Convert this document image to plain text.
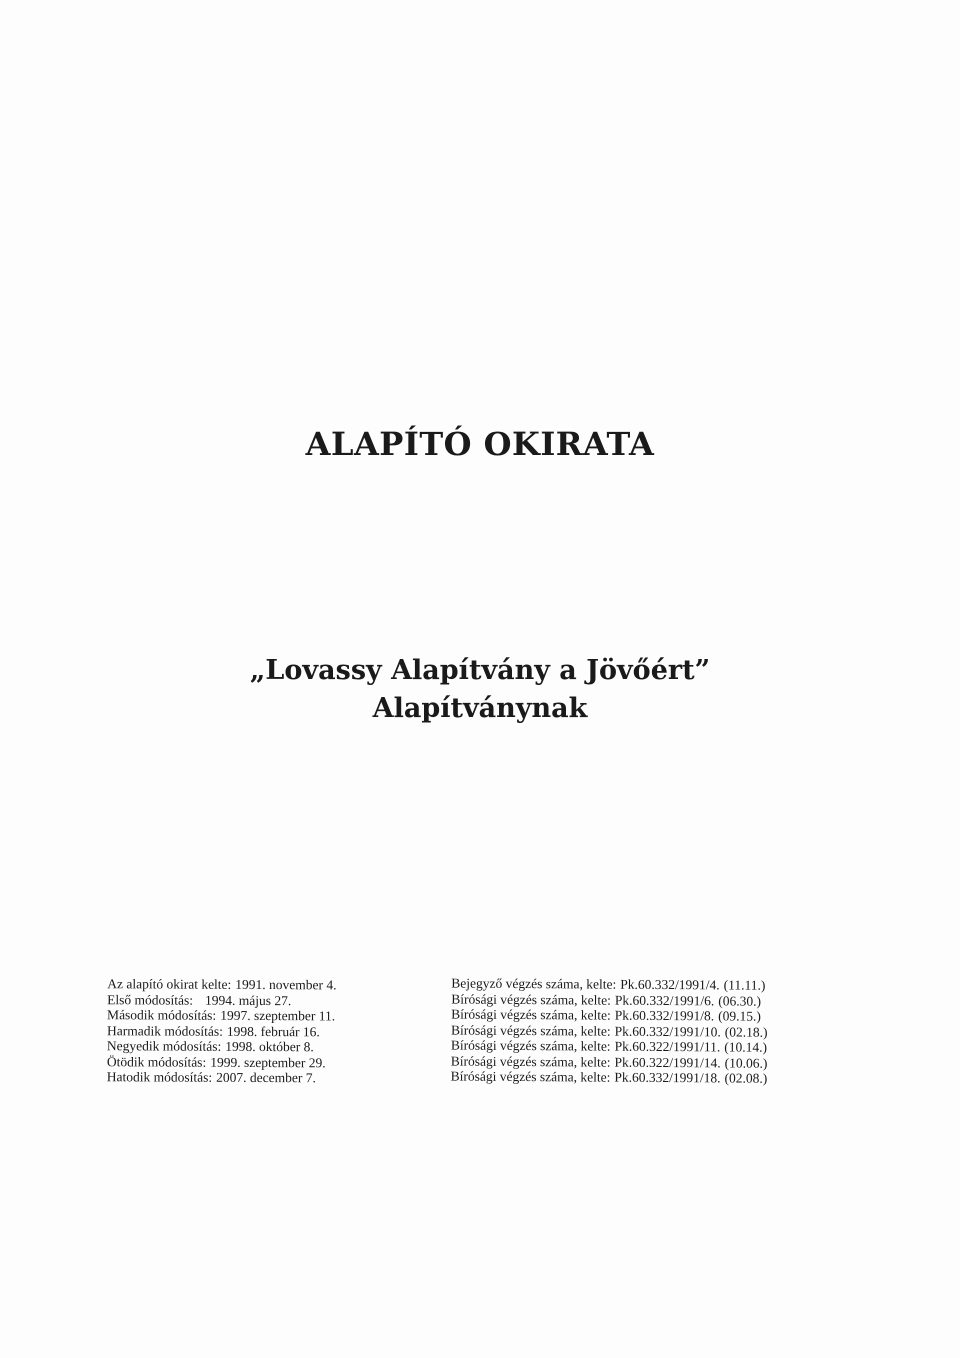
ALAPÍTÓ OKIRATA
„Lovassy Alapítvány a Jövőért”
Alapítványnak
Az alapító okirat kelte: 1991. november 4.
Első módosítás: 1994. május 27.
Második módosítás: 1997. szeptember 11.
Harmadik módosítás: 1998. február 16.
Negyedik módosítás: 1998. október 8.
Ötödik módosítás: 1999. szeptember 29.
Hatodik módosítás: 2007. december 7.
Bejegyző végzés száma, kelte: Pk.60.332/1991/4. (11.11.)
Bírósági végzés száma, kelte: Pk.60.332/1991/6. (06.30.)
Bírósági végzés száma, kelte: Pk.60.332/1991/8. (09.15.)
Bírósági végzés száma, kelte: Pk.60.332/1991/10. (02.18.)
Bírósági végzés száma, kelte: Pk.60.322/1991/11. (10.14.)
Bírósági végzés száma, kelte: Pk.60.322/1991/14. (10.06.)
Bírósági végzés száma, kelte: Pk.60.332/1991/18. (02.08.)
